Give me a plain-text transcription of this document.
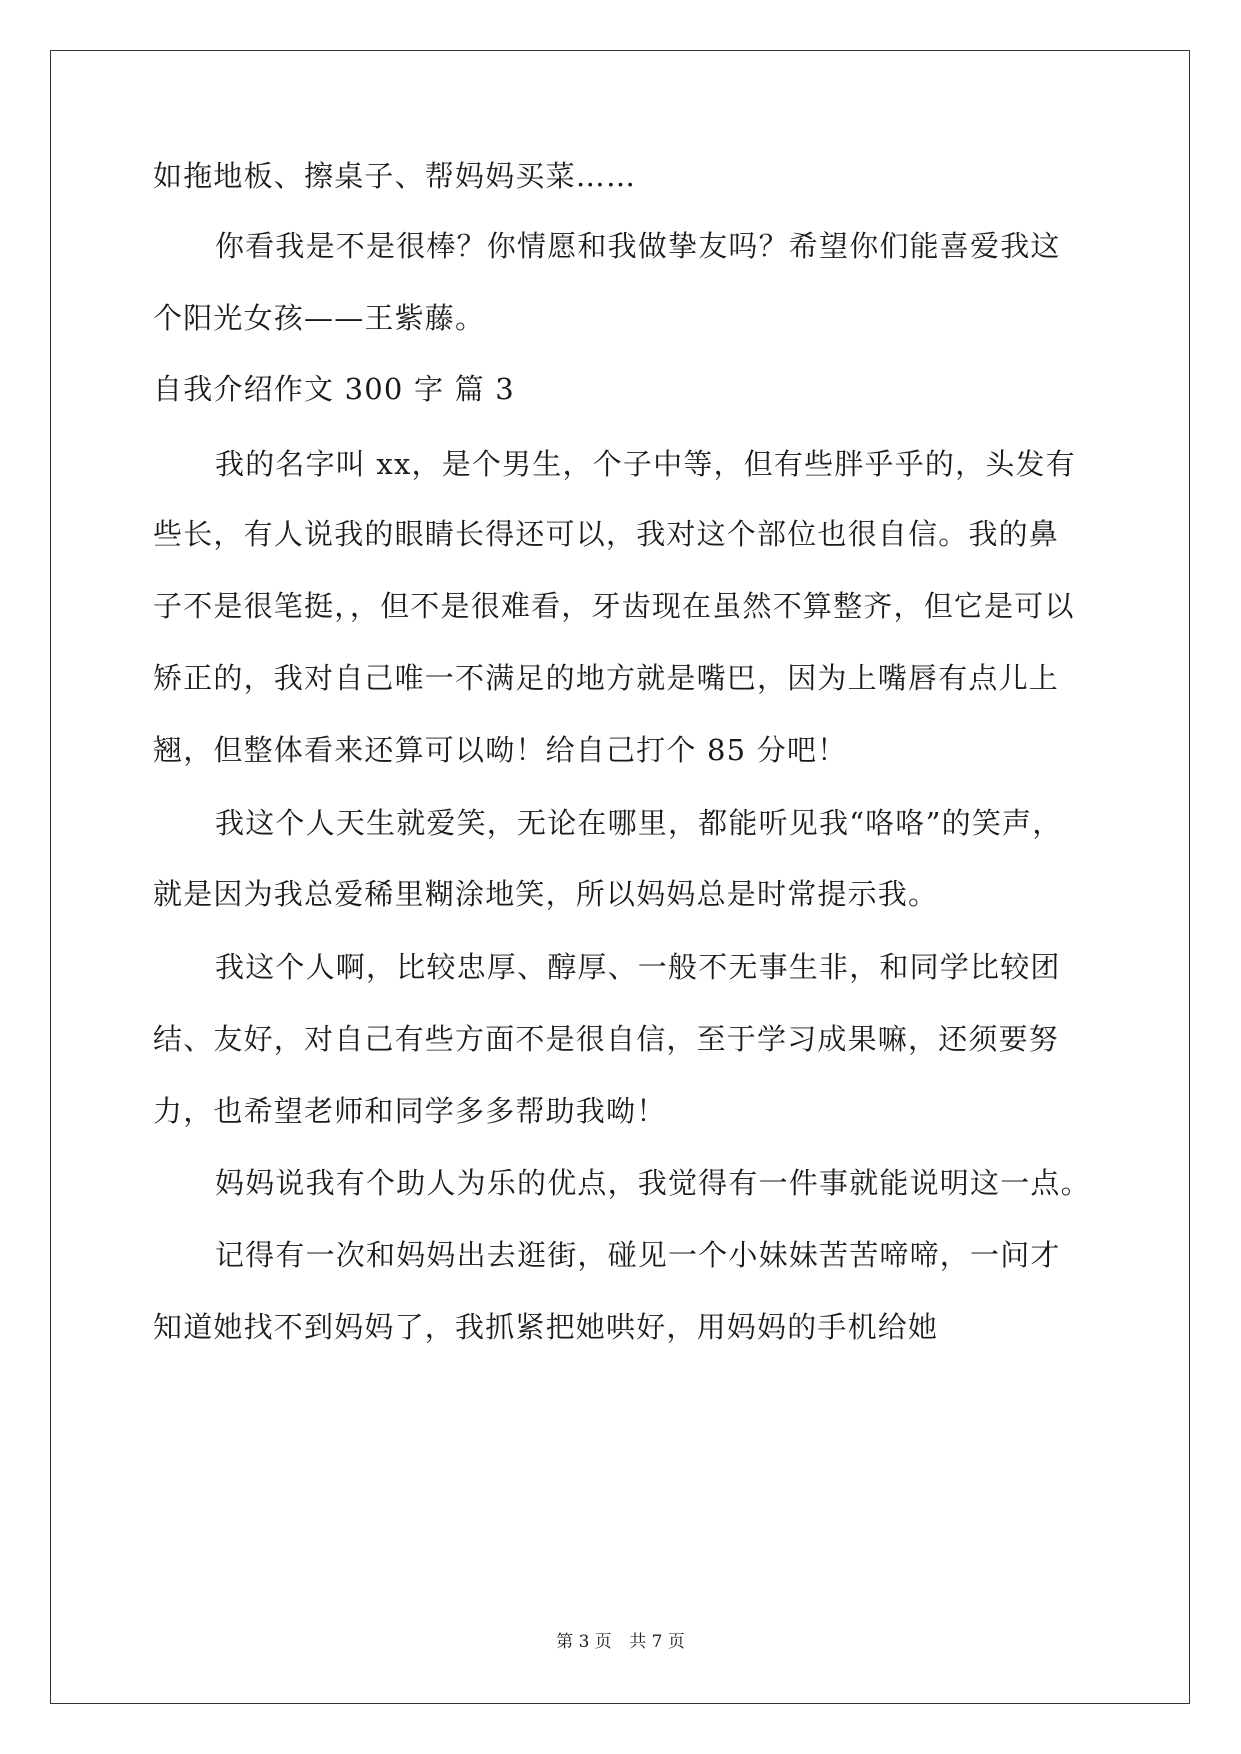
如拖地板、擦桌子、帮妈妈买菜……
你看我是不是很棒？你情愿和我做挚友吗？希望你们能喜爱我这
个阳光女孩——王紫藤。
自我介绍作文 300 字 篇 3
我的名字叫 xx，是个男生，个子中等，但有些胖乎乎的，头发有
些长，有人说我的眼睛长得还可以，我对这个部位也很自信。我的鼻
子不是很笔挺，，但不是很难看，牙齿现在虽然不算整齐，但它是可以
矫正的，我对自己唯一不满足的地方就是嘴巴，因为上嘴唇有点儿上
翘，但整体看来还算可以呦！给自己打个 85 分吧！
我这个人天生就爱笑，无论在哪里，都能听见我“咯咯”的笑声，
就是因为我总爱稀里糊涂地笑，所以妈妈总是时常提示我。
我这个人啊，比较忠厚、醇厚、一般不无事生非，和同学比较团
结、友好，对自己有些方面不是很自信，至于学习成果嘛，还须要努
力，也希望老师和同学多多帮助我呦！
妈妈说我有个助人为乐的优点，我觉得有一件事就能说明这一点。
记得有一次和妈妈出去逛街，碰见一个小妹妹苦苦啼啼，一问才
知道她找不到妈妈了，我抓紧把她哄好，用妈妈的手机给她
第 3 页 共 7 页
